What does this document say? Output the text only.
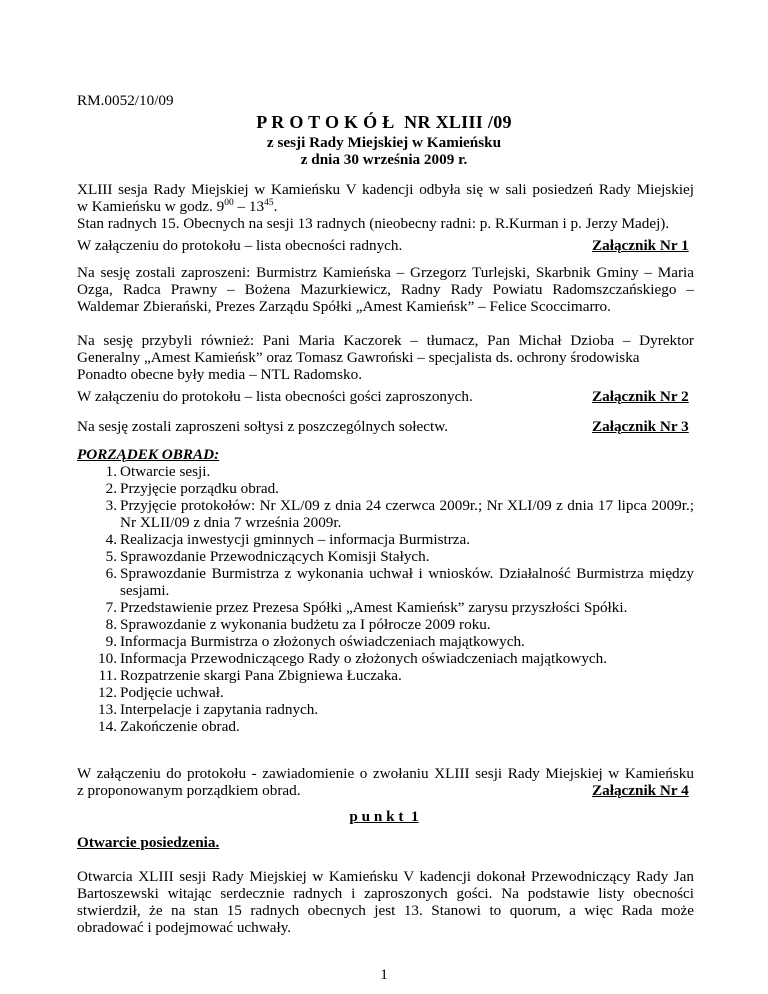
RM.0052/10/09
P R O T O K Ó Ł  NR XLIII /09
z sesji Rady Miejskiej w Kamieńsku
z dnia 30 września 2009 r.
XLIII sesja Rady Miejskiej w Kamieńsku V kadencji odbyła się w sali posiedzeń Rady Miejskiej
w Kamieńsku w godz. $9^{00} - 13^{45}$.
Stan radnych 15. Obecnych na sesji 13 radnych (nieobecny radni: p. R.Kurman i p. Jerzy Madej).
W załączeniu do protokołu – lista obecności radnych.	Załącznik Nr 1
Na sesję zostali zaproszeni: Burmistrz Kamieńska – Grzegorz Turlejski, Skarbnik Gminy – Maria Ozga, Radca Prawny – Bożena Mazurkiewicz, Radny Rady Powiatu Radomszczańskiego – Waldemar Zbierański, Prezes Zarządu Spółki „Amest Kamieńsk” – Felice Scoccimarro.
Na sesję przybyli również: Pani Maria Kaczorek – tłumacz, Pan Michał Dzioba – Dyrektor
Generalny „Amest Kamieńsk” oraz Tomasz Gawroński – specjalista ds. ochrony środowiska
Ponadto obecne były media – NTL Radomsko.
W załączeniu do protokołu – lista obecności gości zaproszonych.	Załącznik Nr 2
Na sesję zostali zaproszeni sołtysi z poszczególnych sołectw.	Załącznik Nr 3
PORZĄDEK OBRAD:
1. Otwarcie sesji.
2. Przyjęcie porządku obrad.
3. Przyjęcie protokołów: Nr XL/09 z dnia 24 czerwca 2009r.; Nr XLI/09 z dnia 17 lipca 2009r.; Nr XLII/09 z dnia 7 września 2009r.
4. Realizacja inwestycji gminnych – informacja Burmistrza.
5. Sprawozdanie Przewodniczących Komisji Stałych.
6. Sprawozdanie Burmistrza z wykonania uchwał i wniosków. Działalność Burmistrza między sesjami.
7. Przedstawienie przez Prezesa Spółki „Amest Kamieńsk” zarysu przyszłości Spółki.
8. Sprawozdanie z wykonania budżetu za I półrocze 2009 roku.
9. Informacja Burmistrza o złożonych oświadczeniach majątkowych.
10. Informacja Przewodniczącego Rady o złożonych oświadczeniach majątkowych.
11. Rozpatrzenie skargi Pana Zbigniewa Łuczaka.
12. Podjęcie uchwał.
13. Interpelacje i zapytania radnych.
14. Zakończenie obrad.
W załączeniu do protokołu - zawiadomienie o zwołaniu XLIII sesji Rady Miejskiej w Kamieńsku
z proponowanym porządkiem obrad.	Załącznik Nr 4
p u n k t  1
Otwarcie posiedzenia.
Otwarcia XLIII sesji Rady Miejskiej w Kamieńsku V kadencji dokonał Przewodniczący Rady Jan
Bartoszewski witając serdecznie radnych i zaproszonych gości. Na podstawie listy obecności
stwierdził, że na stan 15 radnych obecnych jest 13. Stanowi to quorum, a więc Rada może
obradować i podejmować uchwały.
1
